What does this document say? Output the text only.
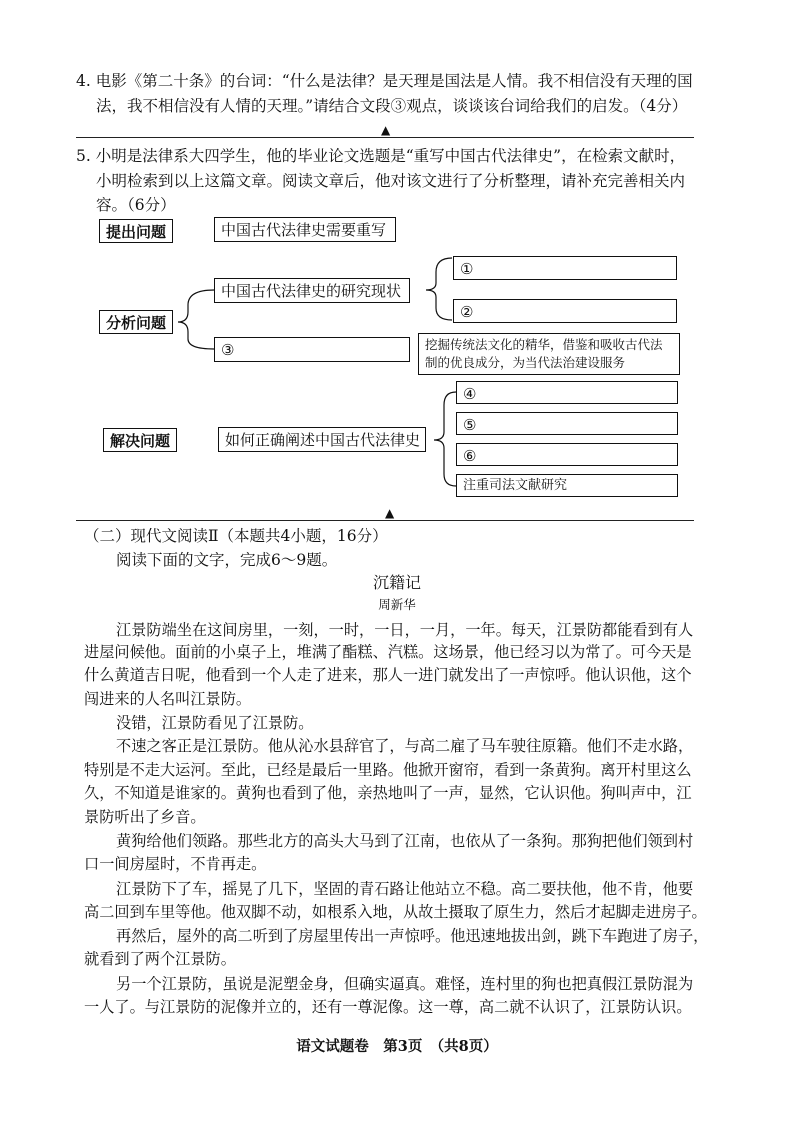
4. 电影《第二十条》的台词：“什么是法律？是天理是国法是人情。我不相信没有天理的国
法，我不相信没有人情的天理。”请结合文段③观点，谈谈该台词给我们的启发。（4分）
▲
5. 小明是法律系大四学生，他的毕业论文选题是“重写中国古代法律史”，在检索文献时，
小明检索到以上这篇文章。阅读文章后，他对该文进行了分析整理，请补充完善相关内
容。（6分）
提出问题	中国古代法律史需要重写
分析问题
中国古代法律史的研究现状
①
②
③	挖掘传统法文化的精华，借鉴和吸收古代法制的优良成分，为当代法治建设服务
解决问题	如何正确阐述中国古代法律史
④
⑤
⑥
注重司法文献研究
▲
（二）现代文阅读Ⅱ（本题共4小题，16分）
阅读下面的文字，完成6～9题。
沉籍记
周新华
江景防端坐在这间房里，一刻，一时，一日，一月，一年。每天，江景防都能看到有人
进屋问候他。面前的小桌子上，堆满了酯糕、汽糕。这场景，他已经习以为常了。可今天是
什么黄道吉日呢，他看到一个人走了进来，那人一进门就发出了一声惊呼。他认识他，这个
闯进来的人名叫江景防。
没错，江景防看见了江景防。
不速之客正是江景防。他从沁水县辞官了，与高二雇了马车驶往原籍。他们不走水路，
特别是不走大运河。至此，已经是最后一里路。他掀开窗帘，看到一条黄狗。离开村里这么
久，不知道是谁家的。黄狗也看到了他，亲热地叫了一声，显然，它认识他。狗叫声中，江
景防听出了乡音。
黄狗给他们领路。那些北方的高头大马到了江南，也依从了一条狗。那狗把他们领到村
口一间房屋时，不肯再走。
江景防下了车，摇晃了几下，坚固的青石路让他站立不稳。高二要扶他，他不肯，他要
高二回到车里等他。他双脚不动，如根系入地，从故土摄取了原生力，然后才起脚走进房子。
再然后，屋外的高二听到了房屋里传出一声惊呼。他迅速地拔出剑，跳下车跑进了房子，
就看到了两个江景防。
另一个江景防，虽说是泥塑金身，但确实逼真。难怪，连村里的狗也把真假江景防混为
一人了。与江景防的泥像并立的，还有一尊泥像。这一尊，高二就不认识了，江景防认识。
语文试题卷　第3页　（共8页）
